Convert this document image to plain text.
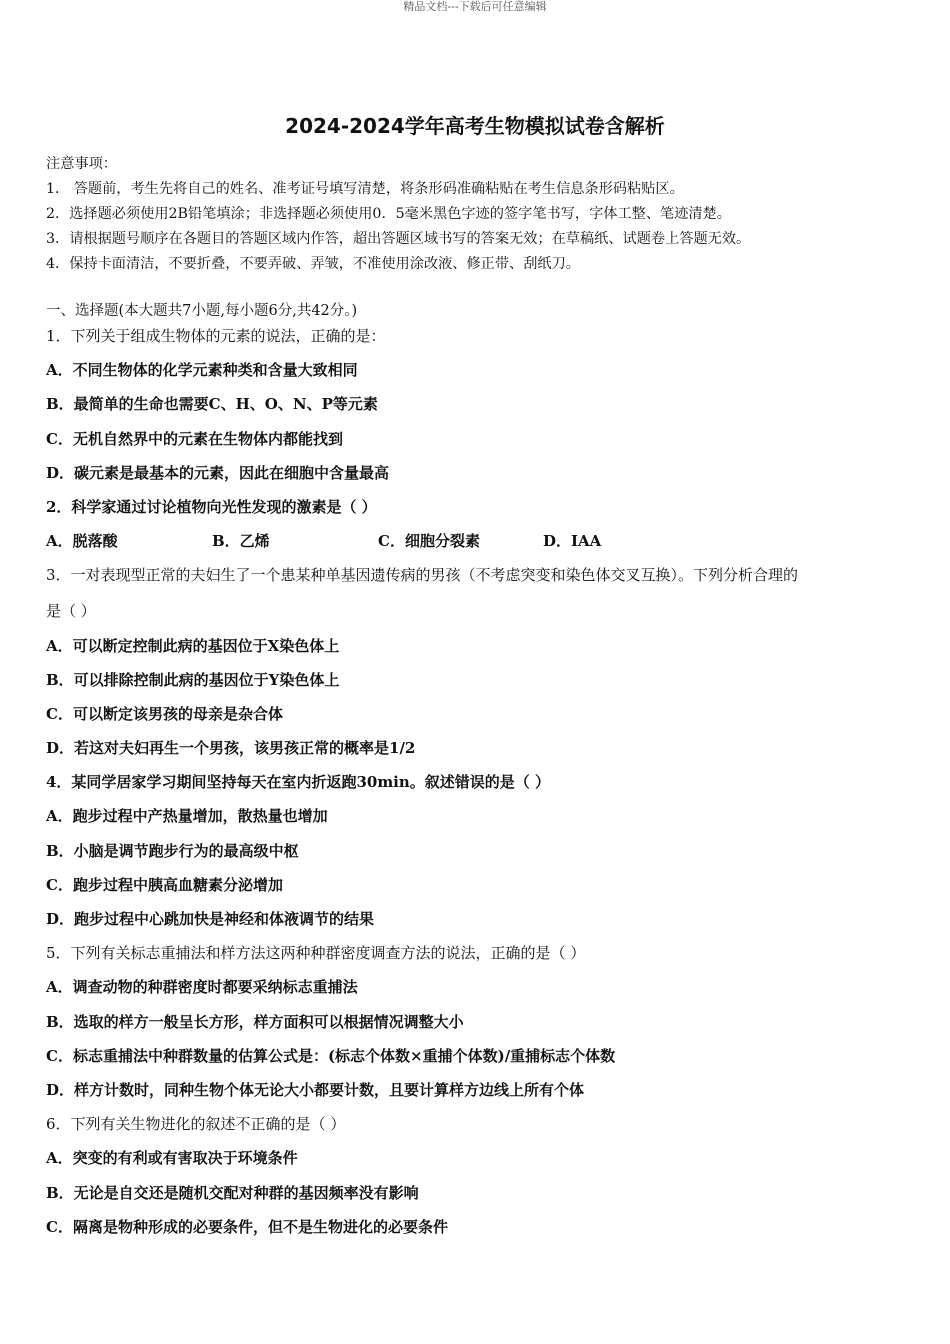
精品文档---下载后可任意编辑
2024-2024学年高考生物模拟试卷含解析
注意事项：
1． 答题前，考生先将自己的姓名、准考证号填写清楚，将条形码准确粘贴在考生信息条形码粘贴区。
2．选择题必须使用2B铅笔填涂；非选择题必须使用0．5毫米黑色字迹的签字笔书写，字体工整、笔迹清楚。
3．请根据题号顺序在各题目的答题区域内作答，超出答题区域书写的答案无效；在草稿纸、试题卷上答题无效。
4．保持卡面清洁，不要折叠，不要弄破、弄皱，不准使用涂改液、修正带、刮纸刀。
一、选择题(本大题共7小题,每小题6分,共42分。)
1．下列关于组成生物体的元素的说法，正确的是：
A．不同生物体的化学元素种类和含量大致相同
B．最简单的生命也需要C、H、O、N、P等元素
C．无机自然界中的元素在生物体内都能找到
D．碳元素是最基本的元素，因此在细胞中含量最高
2．科学家通过讨论植物向光性发现的激素是（ ）
A．脱落酸	B．乙烯	C．细胞分裂素	D．IAA
3．一对表现型正常的夫妇生了一个患某种单基因遗传病的男孩（不考虑突变和染色体交叉互换）。下列分析合理的
是（ ）
A．可以断定控制此病的基因位于X染色体上
B．可以排除控制此病的基因位于Y染色体上
C．可以断定该男孩的母亲是杂合体
D．若这对夫妇再生一个男孩，该男孩正常的概率是1/2
4．某同学居家学习期间坚持每天在室内折返跑30min。叙述错误的是（ ）
A．跑步过程中产热量增加，散热量也增加
B．小脑是调节跑步行为的最高级中枢
C．跑步过程中胰高血糖素分泌增加
D．跑步过程中心跳加快是神经和体液调节的结果
5．下列有关标志重捕法和样方法这两种种群密度调查方法的说法，正确的是（ ）
A．调查动物的种群密度时都要采纳标志重捕法
B．选取的样方一般呈长方形，样方面积可以根据情况调整大小
C．标志重捕法中种群数量的估算公式是：(标志个体数×重捕个体数)/重捕标志个体数
D．样方计数时，同种生物个体无论大小都要计数，且要计算样方边线上所有个体
6．下列有关生物进化的叙述不正确的是（ ）
A．突变的有利或有害取决于环境条件
B．无论是自交还是随机交配对种群的基因频率没有影响
C．隔离是物种形成的必要条件，但不是生物进化的必要条件
